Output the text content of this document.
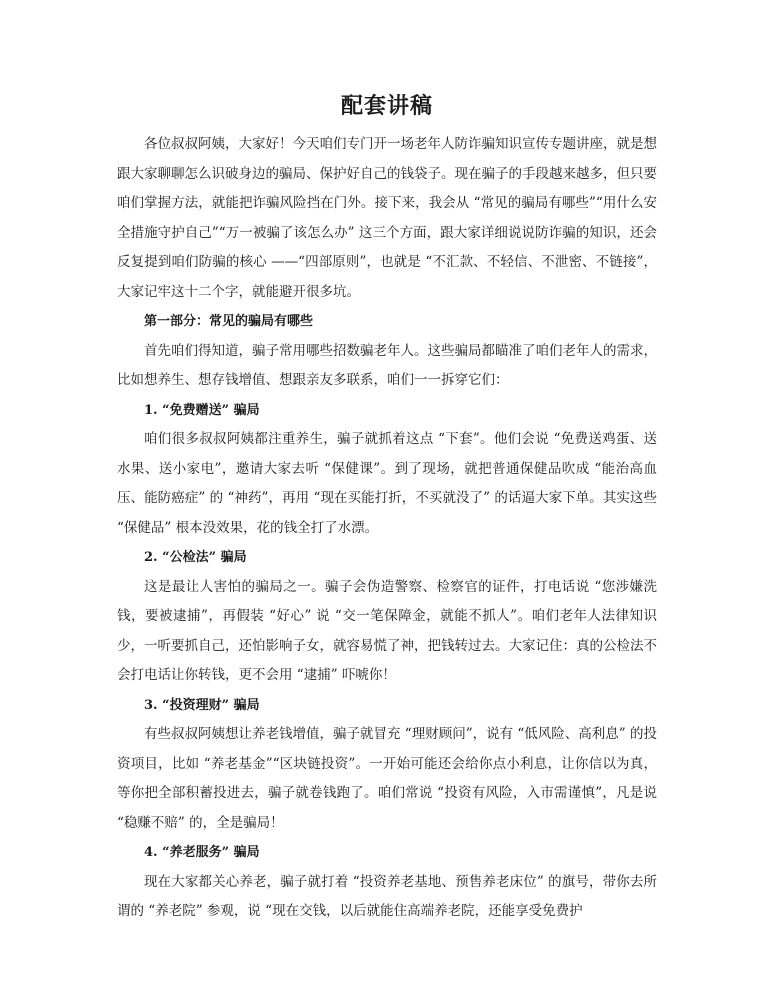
配套讲稿

各位叔叔阿姨，大家好！今天咱们专门开一场老年人防诈骗知识宣传专题讲座，就是想跟大家聊聊怎么识破身边的骗局、保护好自己的钱袋子。现在骗子的手段越来越多，但只要咱们掌握方法，就能把诈骗风险挡在门外。接下来，我会从 “常见的骗局有哪些”“用什么安全措施守护自己”“万一被骗了该怎么办” 这三个方面，跟大家详细说说防诈骗的知识，还会反复提到咱们防骗的核心 ——“四部原则”，也就是 “不汇款、不轻信、不泄密、不链接”，大家记牢这十二个字，就能避开很多坑。

第一部分：常见的骗局有哪些

首先咱们得知道，骗子常用哪些招数骗老年人。这些骗局都瞄准了咱们老年人的需求，比如想养生、想存钱增值、想跟亲友多联系，咱们一一拆穿它们：

1. “免费赠送” 骗局

咱们很多叔叔阿姨都注重养生，骗子就抓着这点 “下套”。他们会说 “免费送鸡蛋、送水果、送小家电”，邀请大家去听 “保健课”。到了现场，就把普通保健品吹成 “能治高血压、能防癌症” 的 “神药”，再用 “现在买能打折，不买就没了” 的话逼大家下单。其实这些 “保健品” 根本没效果，花的钱全打了水漂。

2. “公检法” 骗局

这是最让人害怕的骗局之一。骗子会伪造警察、检察官的证件，打电话说 “您涉嫌洗钱，要被逮捕”，再假装 “好心” 说 “交一笔保障金，就能不抓人”。咱们老年人法律知识少，一听要抓自己，还怕影响子女，就容易慌了神，把钱转过去。大家记住：真的公检法不会打电话让你转钱，更不会用 “逮捕” 吓唬你！

3. “投资理财” 骗局

有些叔叔阿姨想让养老钱增值，骗子就冒充 “理财顾问”，说有 “低风险、高利息” 的投资项目，比如 “养老基金”“区块链投资”。一开始可能还会给你点小利息，让你信以为真，等你把全部积蓄投进去，骗子就卷钱跑了。咱们常说 “投资有风险，入市需谨慎”，凡是说 “稳赚不赔” 的，全是骗局！

4. “养老服务” 骗局

现在大家都关心养老，骗子就打着 “投资养老基地、预售养老床位” 的旗号，带你去所谓的 “养老院” 参观，说 “现在交钱，以后就能住高端养老院，还能享受免费护
